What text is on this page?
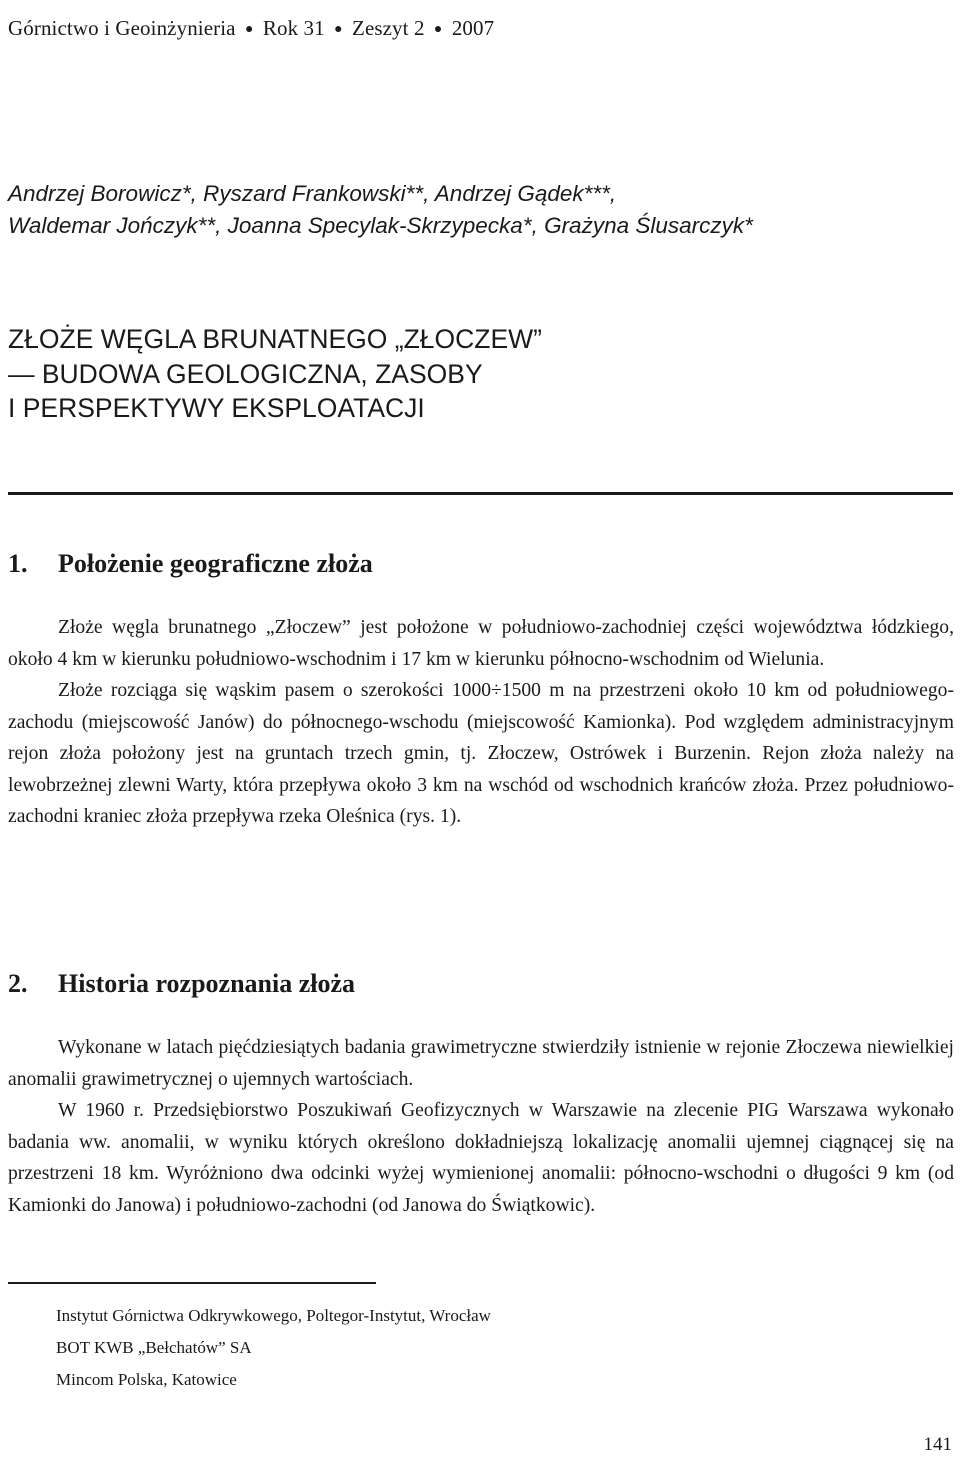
Górnictwo i Geoinżynieria ● Rok 31 ● Zeszyt 2 ● 2007
Andrzej Borowicz*, Ryszard Frankowski**, Andrzej Gądek***,
Waldemar Jończyk**, Joanna Specylak-Skrzypecka*, Grażyna Ślusarczyk*
ZŁOŻE WĘGLA BRUNATNEGO „ZŁOCZEW”
— BUDOWA GEOLOGICZNA, ZASOBY
I PERSPEKTYWY EKSPLOATACJI
1. Położenie geograficzne złoża

Złoże węgla brunatnego „Złoczew” jest położone w południowo-zachodniej części województwa łódzkiego, około 4 km w kierunku południowo-wschodnim i 17 km w kierunku północno-wschodnim od Wielunia.

Złoże rozciąga się wąskim pasem o szerokości 1000÷1500 m na przestrzeni około 10 km od południowego-zachodu (miejscowość Janów) do północnego-wschodu (miejscowość Kamionka). Pod względem administracyjnym rejon złoża położony jest na gruntach trzech gmin, tj. Złoczew, Ostrówek i Burzenin. Rejon złoża należy na lewobrzeżnej zlewni Warty, która przepływa około 3 km na wschód od wschodnich krańców złoża. Przez południowo-zachodni kraniec złoża przepływa rzeka Oleśnica (rys. 1).

2. Historia rozpoznania złoża

Wykonane w latach pięćdziesiątych badania grawimetryczne stwierdziły istnienie w rejonie Złoczewa niewielkiej anomalii grawimetrycznej o ujemnych wartościach.

W 1960 r. Przedsiębiorstwo Poszukiwań Geofizycznych w Warszawie na zlecenie PIG Warszawa wykonało badania ww. anomalii, w wyniku których określono dokładniejszą lokalizację anomalii ujemnej ciągnącej się na przestrzeni 18 km. Wyróżniono dwa odcinki wyżej wymienionej anomalii: północno-wschodni o długości 9 km (od Kamionki do Janowa) i południowo-zachodni (od Janowa do Świątkowic).

Instytut Górnictwa Odkrywkowego, Poltegor-Instytut, Wrocław
BOT KWB „Bełchatów” SA
Mincom Polska, Katowice
141
